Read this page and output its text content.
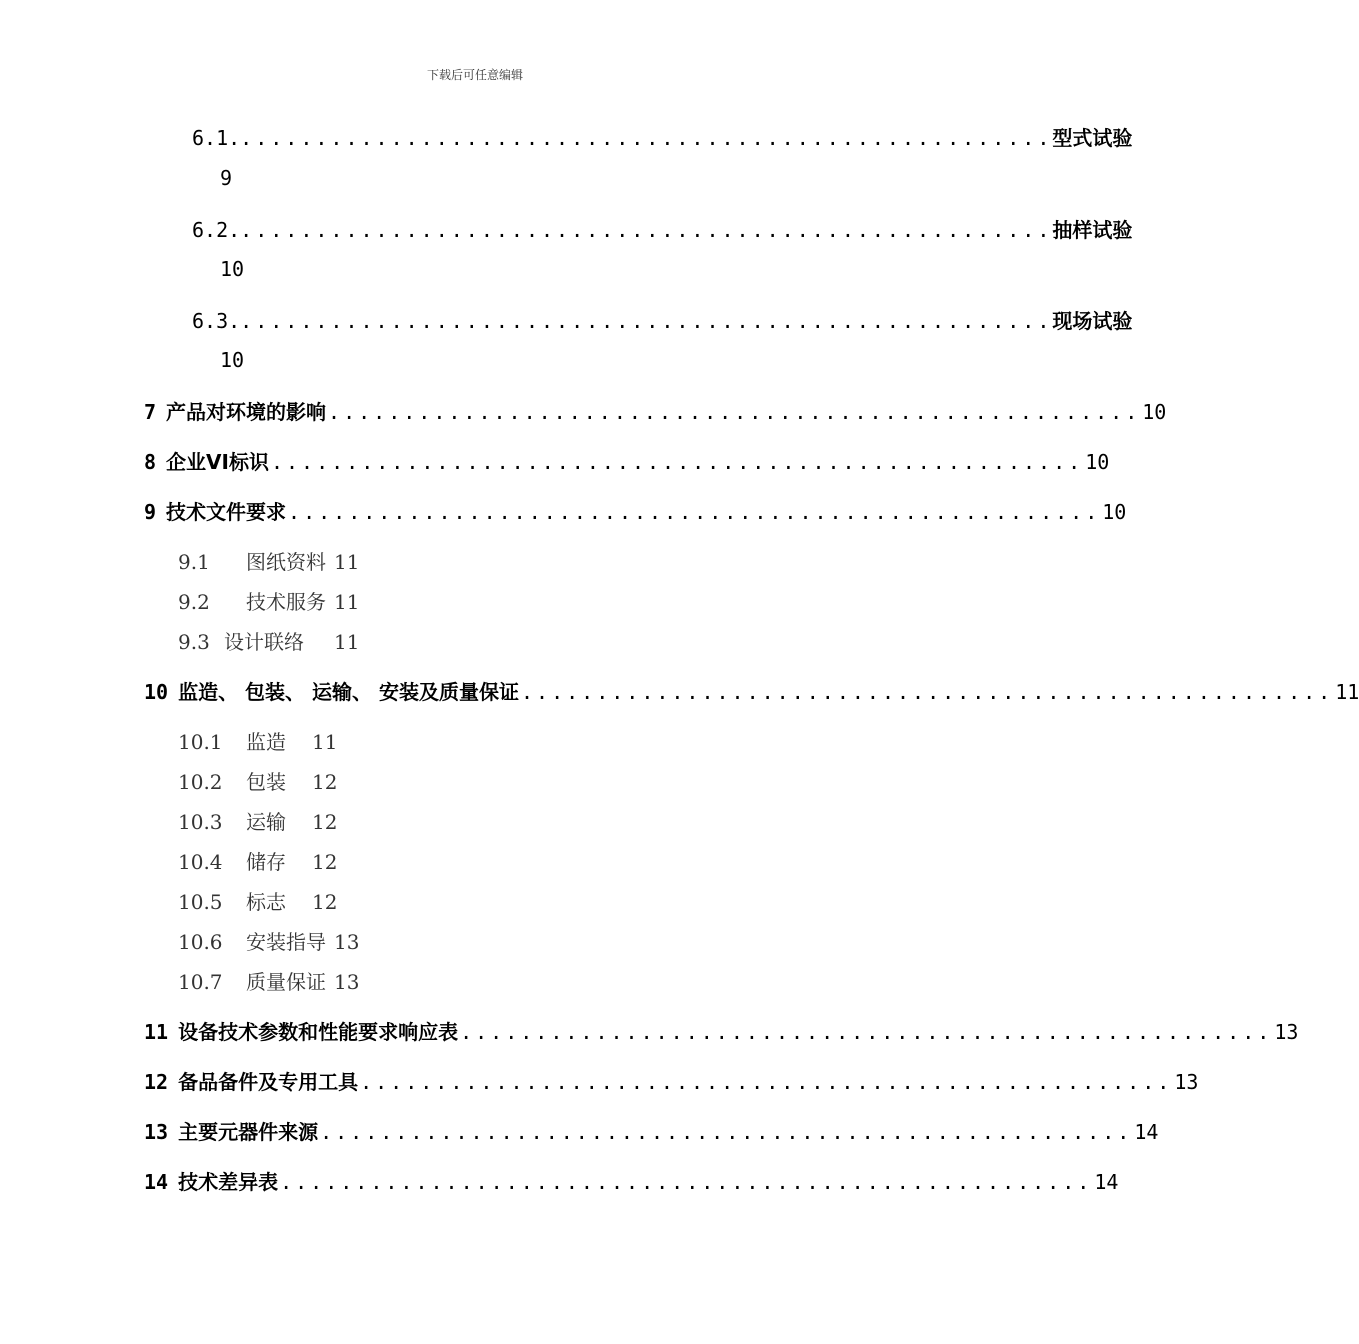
下载后可任意编辑
6.1. ...................................................... 型式试验
9
6.2. ...................................................... 抽样试验
10
6.3. ...................................................... 现场试验
10
7 产品对环境的影响 ...................................................... 10
8 企业VI标识 ...................................................... 10
9 技术文件要求 ...................................................... 10
9.1 图纸资料 11
9.2 技术服务 11
9.3 设计联络 11
10 监造、 包装、 运输、 安装及质量保证 ...................................................... 11
10.1 监造 11
10.2 包装 12
10.3 运输 12
10.4 储存 12
10.5 标志 12
10.6 安装指导 13
10.7 质量保证 13
11 设备技术参数和性能要求响应表 ...................................................... 13
12 备品备件及专用工具 ...................................................... 13
13 主要元器件来源 ...................................................... 14
14 技术差异表 ...................................................... 14
